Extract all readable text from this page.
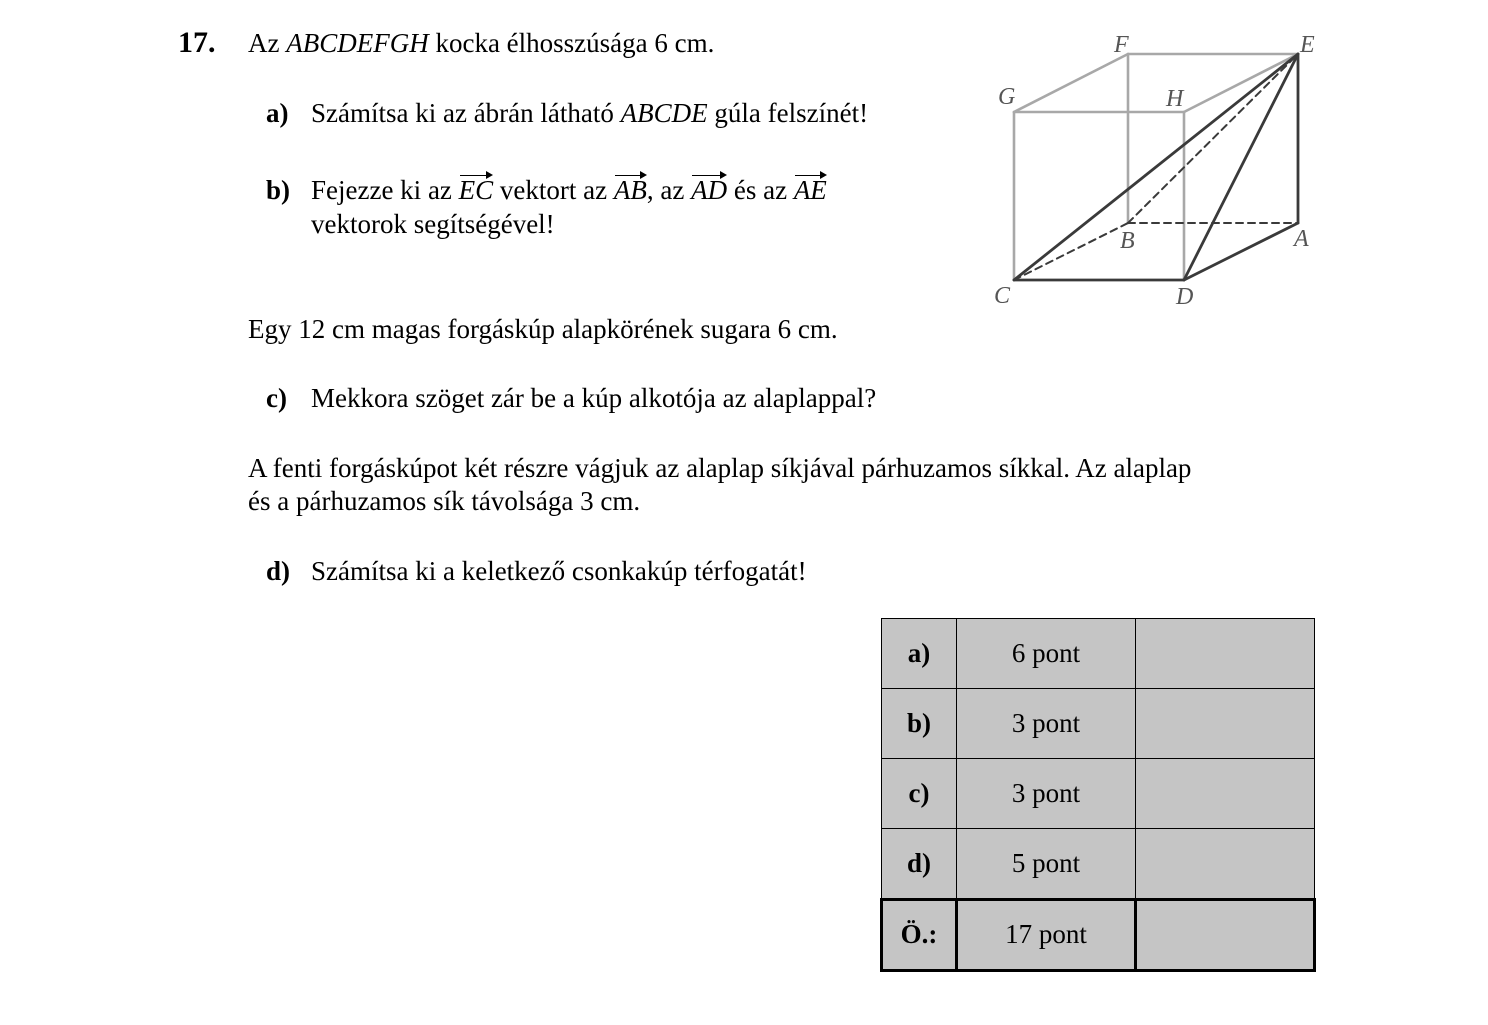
17. Az ABCDEFGH kocka élhosszúsága 6 cm.
a) Számítsa ki az ábrán látható ABCDE gúla felszínét!
b) Fejezze ki az EC vektort az AB, az AD és az AE
vektorok segítségével!
Egy 12 cm magas forgáskúp alapkörének sugara 6 cm.
c) Mekkora szöget zár be a kúp alkotója az alaplappal?
A fenti forgáskúpot két részre vágjuk az alaplap síkjával párhuzamos síkkal. Az alaplap
és a párhuzamos sík távolsága 3 cm.
d) Számítsa ki a keletkező csonkakúp térfogatát!
F	E
G	H
B	A
C	D
a)	6 pont	
b)	3 pont	
c)	3 pont	
d)	5 pont	
Ö.:	17 pont	
